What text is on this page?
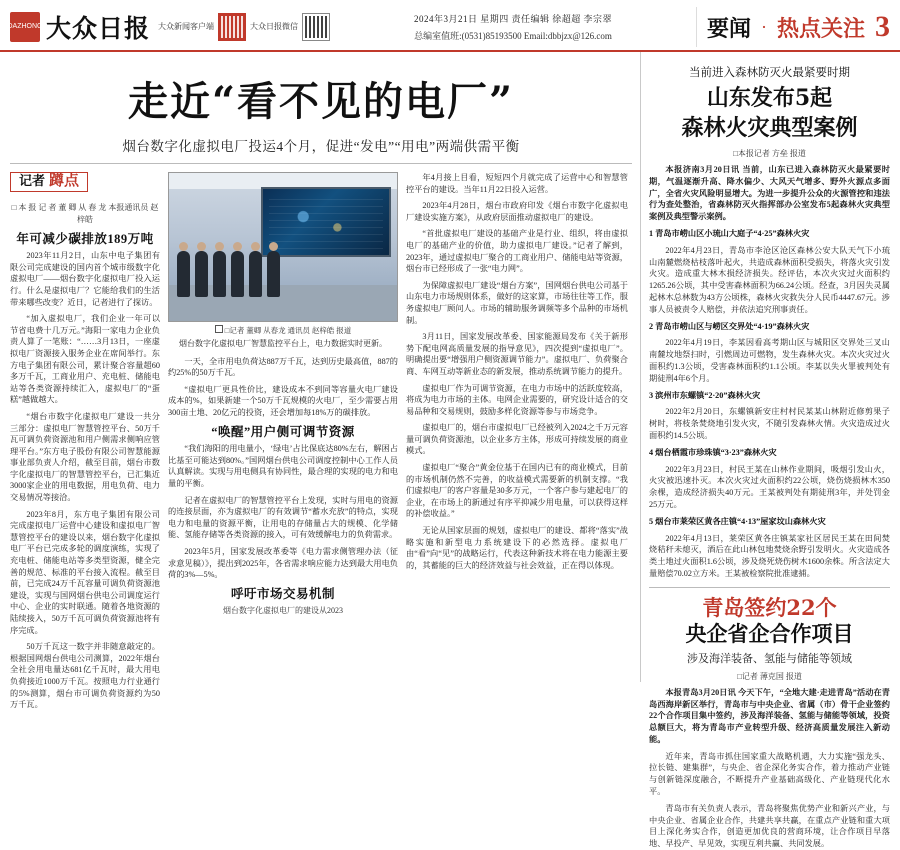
DAZHONG 大众日报 大众新闻客户端	大众日报微信
2024年3月21日 星期四 责任编辑 徐超超 李宗翠
总编室值班:(0531)85193500 Email:dbbjzx@126.com	要闻 · 热点关注 3
走近“看不见的电厂”
烟台数字化虚拟电厂投运4个月，促进“发电”“用电”两端供需平衡
记者 蹲点
□ 本 报 记 者 董 卿 从 春 龙 本报通讯员 赵梓皓
年可减少碳排放189万吨

2023年11月2日，山东中电子集团有限公司完成建设的国内首个城市级数字化虚拟电厂——烟台数字化虚拟电厂投入运行。什么是虚拟电厂？它能给我们的生活带来哪些改变？近日，记者进行了探访。

“加入虚拟电厂，我们企业一年可以节省电费十几万元。”海阳一家电力企业负责人算了一笔账：“……3月13日，一座虚拟电厂资源接入服务企业在席间举行。东方电子集团有限公司，累计聚合容量超60多万千瓦，工商业用户、充电桩、储能电站等各类资源持续汇入，虚拟电厂的“蛋糕”越做越大。

“烟台市数字化虚拟电厂建设一共分三部分：虚拟电厂智慧管控平台、50万千瓦可调负荷资源池和用户侧需求侧响应管理平台。”东方电子股份有限公司智慧能源事业部负责人介绍，截至目前，烟台市数字化虚拟电厂的智慧管控平台，已汇集近3000家企业的用电数据，用电负荷、电力交易情况等接洽。

2023年8月，东方电子集团有限公司完成虚拟电厂运营中心建设和虚拟电厂智慧管控平台的建设以来，烟台数字化虚拟电厂平台已完成多轮的调度演练，实现了充电桩、储能电站等多类型资源，健全完善的规范、标准的平台接入流程。截至目前，已完成24万千瓦容量可调负荷资源池建设，实现与国网烟台供电公司调度运行中心、企业的实时联通。随着各地资源的陆续接入，50万千瓦可调负荷资源池将有序完成。

50万千瓦这一数字并非随意敲定的。根据国网烟台供电公司测算，2022年烟台全社会用电量达681亿千瓦时，最大用电负荷接近1000万千瓦。按照电力行业通行的5%测算，烟台市可调负荷资源约为50万千瓦。

□记者 董卿 从春龙 通讯员 赵梓皓 报道
烟台数字化虚拟电厂智慧监控平台上，电力数据实时更新。

一天，全市用电负荷达887万千瓦，达到历史最高值，887的约25%的50万千瓦。

“虚拟电厂更具性价比，建设成本不到同等容量火电厂建设成本的%，如果新建一个50万千瓦规模的火电厂，至少需要占用300亩土地、20亿元的投资，还会增加每18%万的碳排放。

“唤醒”用户侧可调节资源

“我们海阳的用电量小，‘绿电’占比保底达80%左右，解困占比基至可能达到80%。”国网烟台供电公司调度控制中心工作人员认真解读。实现与用电侧具有协同性，最合理的实现的电力和电量的平衡。

记者在虚拟电厂的智慧管控平台上发现，实时与用电的资源的连接层面，亦为虚拟电厂的有效调节“蓄水充放”的特点，实现电力和电量的资源平衡，让用电的存储量占大的规模、化学储能、氢能存储等各类资源的接入，可有效缓解电力的负荷需求。

2023年5月，国家发展改革委等《电力需求侧管理办法（征求意见稿）》，提出到2025年，各省需求响应能力达到最大用电负荷的3%—5%。

呼吁市场交易机制
烟台数字化虚拟电厂的建设从2023

年4月接上目看，短短四个月就完成了运营中心和智慧管控平台的建设。当年11月22日投入运营。

2023年4月28日，烟台市政府印发《烟台市数字化虚拟电厂建设实施方案》，从政府层面推动虚拟电厂的建设。

“首批虚拟电厂建设的基础产业是行业、组织，将由虚拟电厂的基础产业的价值，助力虚拟电厂建设。”记者了解到，2023年，通过虚拟电厂聚合的工商业用户、储能电站等资源，烟台市已经形成了一张“电力网”。

为保障虚拟电厂建设“烟台方案”，国网烟台供电公司基于山东电力市场规则体系，做好的这家算，市场往往等工作，服务虚拟电厂顾问人。市场的辅助服务调频等多个品种的市场机制。

3月11日，国家发展改革委、国家能源局发布《关于新形势下配电网高质量发展的指导意见》，四次提到“虚拟电厂”。明确提出要“增强用户侧资源调节能力”。虚拟电厂、负荷聚合商、车网互动等新业态的新发展，推动系统调节能力的提升。

虚拟电厂作为可调节资源，在电力市场中的活跃度较高，将成为电力市场的主体。电网企业需要的，研究设计适合的交易品种和交易规则，鼓励多样化资源等参与市场竞争。

虚拟电厂的，烟台市虚拟电厂已经被列入2024之千万元容量可调负荷资源池，以企业多方主体，形成可持续发展的商业模式。

虚拟电厂“聚合”黄金位基于在国内已有的商业模式，目前的市场机制仍然不完善，的收益模式需要新的机制支撑。“我们虚拟电厂的客户容量是30多万元，一个客户参与建起电厂的企业，在市场上的新通过有序平抑减少用电量，可以获得这样的补偿收益。”

无论从国家层面的规划，虚拟电厂的建设、都将“落实”战略实施和新型电力系统建设下的必然选择。虚拟电厂由“看”向“见”的战略运行，代表这种新技术将在电力能源主要的，其蓄能的巨大的经济效益与社会效益，正在得以体现。

当前进入森林防灭火最紧要时期
山东发布5起
森林火灾典型案例
□本报记者 方垒 报道

本报济南3月20日讯 当前，山东已进入森林防灭火最紧要时期，气温逐渐升高、降水偏少、大风天气增多、野外火源点多面广，全省火灾风险明显增大。为进一步提升公众的火源管控和违法行为查处整治，省森林防灭火指挥部办公室发布5起森林火灾典型案例及典型警示案例。

1 青岛市崂山区小琉山大庭子“4·25”森林火灾

2022年4月23日，青岛市李沧区沧区森林公安大队天气下小琉山南麓燃烧枯枝落叶起火，共造成森林面积受损失，将落火灾引发火灾。造成重大林木损经济损失。经评估，本次火灾过火面积约1265.26公顷，其中受害森林面积为66.24公顷。经查，3月因失灵属起林木总林数为43方公顷株，森林火灾救失分人民币4447.67元。涉事人员被责令人赔偿，并依法追究刑事责任。

2 青岛市崂山区与崂区交界处“4·19”森林火灾

2022年4月19日，李某因看高考期山区与城阳区交界处三叉山南麓坟地祭扫时，引燃周边可燃物，发生森林火灾。本次火灾过火面积约1.3公顷，受害森林面积约1.1公顷。李某以失火罪被判处有期徒刑4年6个月。

3 滨州市东螺镇“2·20”森林火灾

2022年2月20日，东螺镇新安庄村村民某某山林附近修剪果子树时，将枝条焚烧地引发火灾，不随引发森林火情。火灾造成过火面积约14.5公顷。

4 烟台栖霞市珍珠镇“3·23”森林火灾

2022年3月23日，村民王某在山林作业期间，吸烟引发山火，火灾被迅速扑灭。本次火灾过火面积约22公顷，烧伤烧损林木350余棵，造成经济损失40万元。王某被判处有期徒刑3年，并处罚金25万元。

5 烟台市莱荣区黄各庄镇“4·13”屋家坟山森林火灾

2022年4月13日，莱荣区黄各庄镇某家社区居民王某在田间焚烧秸秆未熄灭，酒后在此山林包地焚烧余野引发明火。火灾造成各类土地过火面积1.6公顷，涉及烧死烧伤树木1600余株。所含法定大量赔偿70.02立方米。王某被检察院批准逮捕。

青岛签约22个
央企省企合作项目
涉及海洋装备、氢能与储能等领域
□记者 薄克国 报道

本报青岛3月20日讯 今天下午，“全地大建·走进青岛”活动在青岛西海岸新区举行，青岛市与中央企业、省属（市）骨干企业签约22个合作项目集中签约，涉及海洋装备、氢能与储能等领域，投资总额巨大，将为青岛市产业转型升级、经济高质量发展注入新动能。

近年来，青岛市抓住国家重大战略机遇，大力实施“强龙头、拉长链、建集群”，与央企、省企深化务实合作，着力推动产业链与创新链深度融合，不断提升产业基础高级化、产业链现代化水平。

青岛市有关负责人表示，青岛将聚焦优势产业和新兴产业，与中央企业、省属企业合作，共建共享共赢，在重点产业链和重大项目上深化务实合作，创造更加优良的营商环境，让合作项目早落地、早投产、早见效，实现互利共赢、共同发展。
